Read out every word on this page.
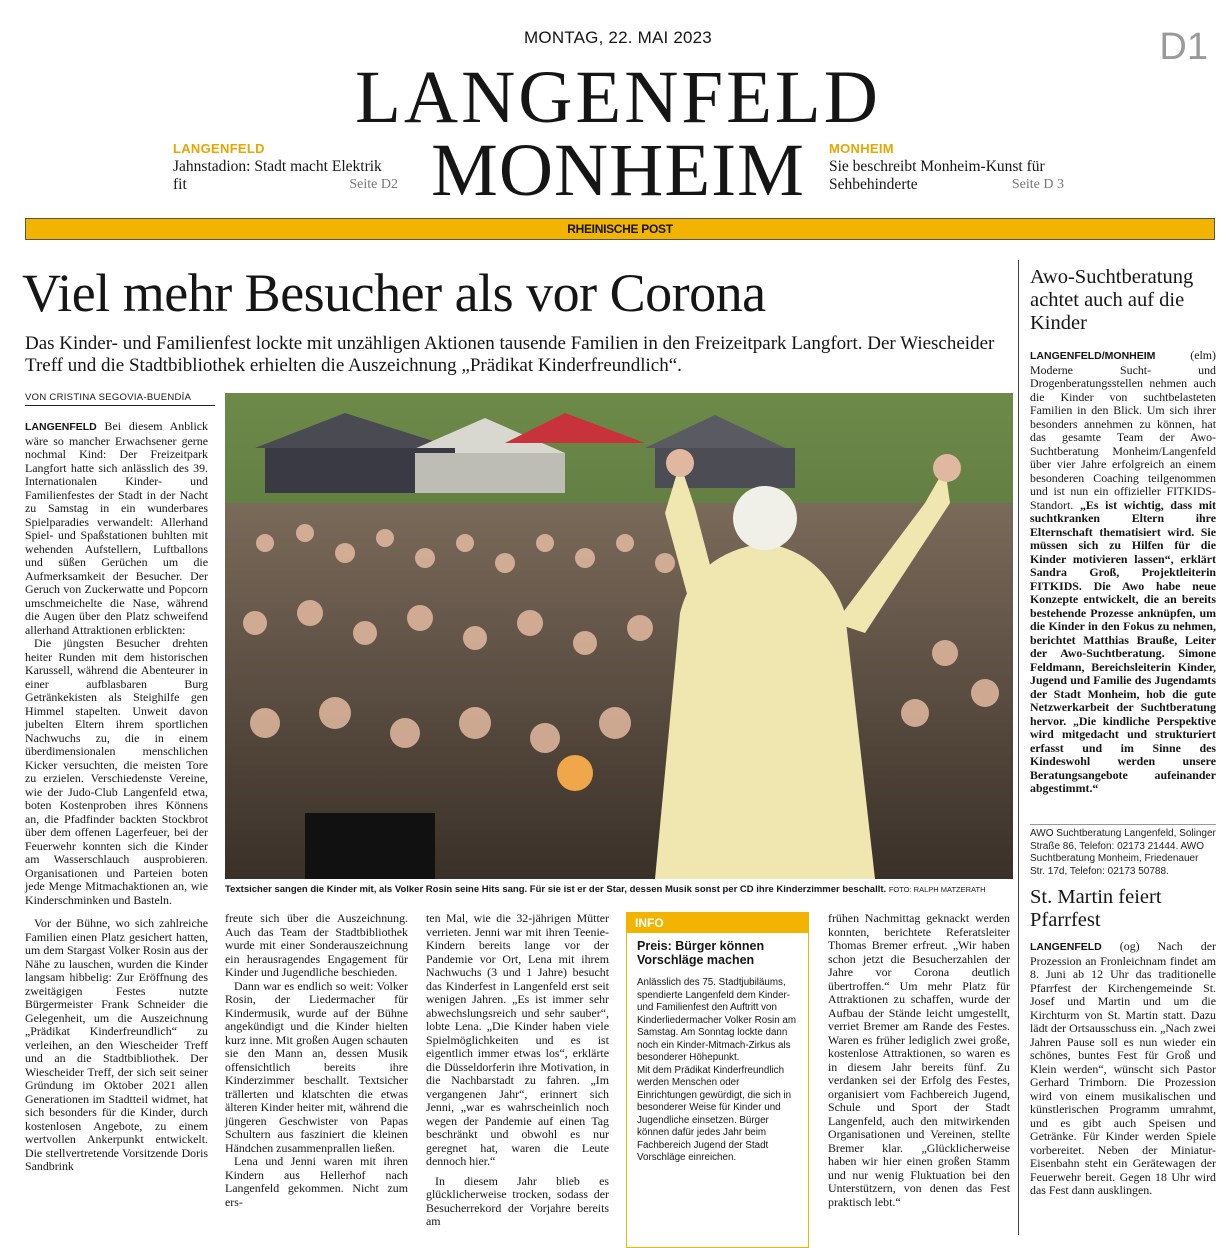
MONTAG, 22. MAI 2023	D1
LANGENFELD
MONHEIM
LANGENFELD
Jahnstadion: Stadt macht Elektrik fit	Seite D2
MONHEIM
Sie beschreibt Monheim-Kunst für Sehbehinderte	Seite D 3
RHEINISCHE POST
Viel mehr Besucher als vor Corona
Das Kinder- und Familienfest lockte mit unzähligen Aktionen tausende Familien in den Freizeitpark Langfort. Der Wiescheider Treff und die Stadtbibliothek erhielten die Auszeichnung „Prädikat Kinderfreundlich“.
VON CRISTINA SEGOVIA-BUENDÍA

LANGENFELD Bei diesem Anblick wäre so mancher Erwachsener gerne nochmal Kind: Der Freizeitpark Langfort hatte sich anlässlich des 39. Internationalen Kinder- und Familienfestes der Stadt in der Nacht zu Samstag in ein wunderbares Spielparadies verwandelt: Allerhand Spiel- und Spaßstationen buhlten mit wehenden Aufstellern, Luftballons und süßen Gerüchen um die Aufmerksamkeit der Besucher. Der Geruch von Zuckerwatte und Popcorn umschmeichelte die Nase, während die Augen über den Platz schweifend allerhand Attraktionen erblickten:

Die jüngsten Besucher drehten heiter Runden mit dem historischen Karussell, während die Abenteurer in einer aufblasbaren Burg Getränkekisten als Steighilfe gen Himmel stapelten. Unweit davon jubelten Eltern ihrem sportlichen Nachwuchs zu, die in einem überdimensionalen menschlichen Kicker versuchten, die meisten Tore zu erzielen. Verschiedenste Vereine, wie der Judo-Club Langenfeld etwa, boten Kostenproben ihres Könnens an, die Pfadfinder backten Stockbrot über dem offenen Lagerfeuer, bei der Feuerwehr konnten sich die Kinder am Wasserschlauch ausprobieren. Organisationen und Parteien boten jede Menge Mitmachaktionen an, wie Kinderschminken und Basteln.

Vor der Bühne, wo sich zahlreiche Familien einen Platz gesichert hatten, um dem Stargast Volker Rosin aus der Nähe zu lauschen, wurden die Kinder langsam hibbelig: Zur Eröffnung des zweitägigen Festes nutzte Bürgermeister Frank Schneider die Gelegenheit, um die Auszeichnung „Prädikat Kinderfreundlich“ zu verleihen, an den Wiescheider Treff und an die Stadtbibliothek. Der Wiescheider Treff, der sich seit seiner Gründung im Oktober 2021 allen Generationen im Stadtteil widmet, hat sich besonders für die Kinder, durch kostenlosen Angebote, zu einem wertvollen Ankerpunkt entwickelt. Die stellvertretende Vorsitzende Doris Sandbrink

Textsicher sangen die Kinder mit, als Volker Rosin seine Hits sang. Für sie ist er der Star, dessen Musik sonst per CD ihre Kinderzimmer beschallt. FOTO: RALPH MATZERATH

freute sich über die Auszeichnung. Auch das Team der Stadtbibliothek wurde mit einer Sonderauszeichnung ein herausragendes Engagement für Kinder und Jugendliche beschieden.

Dann war es endlich so weit: Volker Rosin, der Liedermacher für Kindermusik, wurde auf der Bühne angekündigt und die Kinder hielten kurz inne. Mit großen Augen schauten sie den Mann an, dessen Musik offensichtlich bereits ihre Kinderzimmer beschallt. Textsicher trällerten und klatschten die etwas älteren Kinder heiter mit, während die jüngeren Geschwister von Papas Schultern aus fasziniert die kleinen Händchen zusammenprallen ließen.

Lena und Jenni waren mit ihren Kindern aus Hellerhof nach Langenfeld gekommen. Nicht zum ers-

ten Mal, wie die 32-jährigen Mütter verrieten. Jenni war mit ihren Teenie-Kindern bereits lange vor der Pandemie vor Ort, Lena mit ihrem Nachwuchs (3 und 1 Jahre) besucht das Kinderfest in Langenfeld erst seit wenigen Jahren. „Es ist immer sehr abwechslungsreich und sehr sauber“, lobte Lena. „Die Kinder haben viele Spielmöglichkeiten und es ist eigentlich immer etwas los“, erklärte die Düsseldorferin ihre Motivation, in die Nachbarstadt zu fahren. „Im vergangenen Jahr“, erinnert sich Jenni, „war es wahrscheinlich noch wegen der Pandemie auf einen Tag beschränkt und obwohl es nur geregnet hat, waren die Leute dennoch hier.“

In diesem Jahr blieb es glücklicherweise trocken, sodass der Besucherrekord der Vorjahre bereits am

INFO
Preis: Bürger können Vorschläge machen

Anlässlich des 75. Stadtjubiläums, spendierte Langenfeld dem Kinder- und Familienfest den Auftritt von Kinderliedermacher Volker Rosin am Samstag. Am Sonntag lockte dann noch ein Kinder-Mitmach-Zirkus als besonderer Höhepunkt.

Mit dem Prädikat Kinderfreundlich werden Menschen oder Einrichtungen gewürdigt, die sich in besonderer Weise für Kinder und Jugendliche einsetzen. Bürger können dafür jedes Jahr beim Fachbereich Jugend der Stadt Vorschläge einreichen.

frühen Nachmittag geknackt werden konnten, berichtete Referatsleiter Thomas Bremer erfreut. „Wir haben schon jetzt die Besucherzahlen der Jahre vor Corona deutlich übertroffen.“ Um mehr Platz für Attraktionen zu schaffen, wurde der Aufbau der Stände leicht umgestellt, verriet Bremer am Rande des Festes. Waren es früher lediglich zwei große, kostenlose Attraktionen, so waren es in diesem Jahr bereits fünf. Zu verdanken sei der Erfolg des Festes, organisiert vom Fachbereich Jugend, Schule und Sport der Stadt Langenfeld, auch den mitwirkenden Organisationen und Vereinen, stellte Bremer klar. „Glücklicherweise haben wir hier einen großen Stamm und nur wenig Fluktuation bei den Unterstützern, von denen das Fest praktisch lebt.“

Awo-Suchtberatung achtet auch auf die Kinder
LANGENFELD/MONHEIM	(elm) Moderne Sucht- und Drogenberatungsstellen nehmen auch die Kinder von suchtbelasteten Familien in den Blick. Um sich ihrer besonders annehmen zu können, hat das gesamte Team der Awo-Suchtberatung Monheim/Langenfeld über vier Jahre erfolgreich an einem besonderen Coaching teilgenommen und ist nun ein offizieller FITKIDS-Standort. „Es ist wichtig, dass mit suchtkranken Eltern ihre Elternschaft thematisiert wird. Sie müssen sich zu Hilfen für die Kinder motivieren lassen“, erklärt Sandra Groß, Projektleiterin FITKIDS. Die Awo habe neue Konzepte entwickelt, die an bereits bestehende Prozesse anknüpfen, um die Kinder in den Fokus zu nehmen, berichtet Matthias Brauße, Leiter der Awo-Suchtberatung. Simone Feldmann, Bereichsleiterin Kinder, Jugend und Familie des Jugendamts der Stadt Monheim, hob die gute Netzwerkarbeit der Suchtberatung hervor. „Die kindliche Perspektive wird mitgedacht und strukturiert erfasst und im Sinne des Kindeswohl werden unsere Beratungsangebote aufeinander abgestimmt.“
AWO Suchtberatung Langenfeld, Solinger Straße 86, Telefon: 02173 21444. AWO Suchtberatung Monheim, Friedenauer Str. 17d, Telefon: 02173 50788.
St. Martin feiert Pfarrfest
LANGENFELD (og) Nach der Prozession an Fronleichnam findet am 8. Juni ab 12 Uhr das traditionelle Pfarrfest der Kirchengemeinde St. Josef und Martin und um die Kirchturm von St. Martin statt. Dazu lädt der Ortsausschuss ein. „Nach zwei Jahren Pause soll es nun wieder ein schönes, buntes Fest für Groß und Klein werden“, wünscht sich Pastor Gerhard Trimborn. Die Prozession wird von einem musikalischen und künstlerischen Programm umrahmt, und es gibt auch Speisen und Getränke. Für Kinder werden Spiele vorbereitet. Neben der Miniatur-Eisenbahn steht ein Gerätewagen der Feuerwehr bereit. Gegen 18 Uhr wird das Fest dann ausklingen.
